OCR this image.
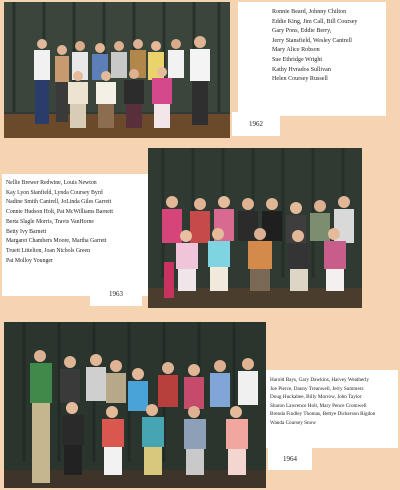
Ronnie Beard, Johnny Chilton
Eddie King, Jim Call, Bill Coursey
Gary Pons, Eddie Berry,
Jerry Stansfield, Wesley Cantrell
Mary Alice Robson
Sue Ethridge Wright
Kathy Hvrados Sullivan
Helen Coursey Russell
1962
Nellie Brewer Redwine, Louis Newton
Kay Lyon Stanfield, Lynda Coursey Byrd
Nadine Smith Cantrell, JoLinda Giles Garrett
Connie Hudson Holt, Pat McWilliams Barnett
Berta Slagle Morris, Travis VanHorne
Betty Ivy Barnett
Margaret Chambers Moore, Martha Garrett
Truett Littelton, Joan Nichols Green
Pat Molloy Younger
1963
Harold Bays, Gary Dawkins, Harvey Weatherly
Joe Pierce, Danny Treanwell, Jerry Summers
Doug Huckabee, Billy Morrow, John Taylor
Sharon Lawrence Holt, Mary Pence Cromwell
Brenda Findley Thomas, Bettye Dickerson Rigdon
Wanda Coursey Snow
1964
